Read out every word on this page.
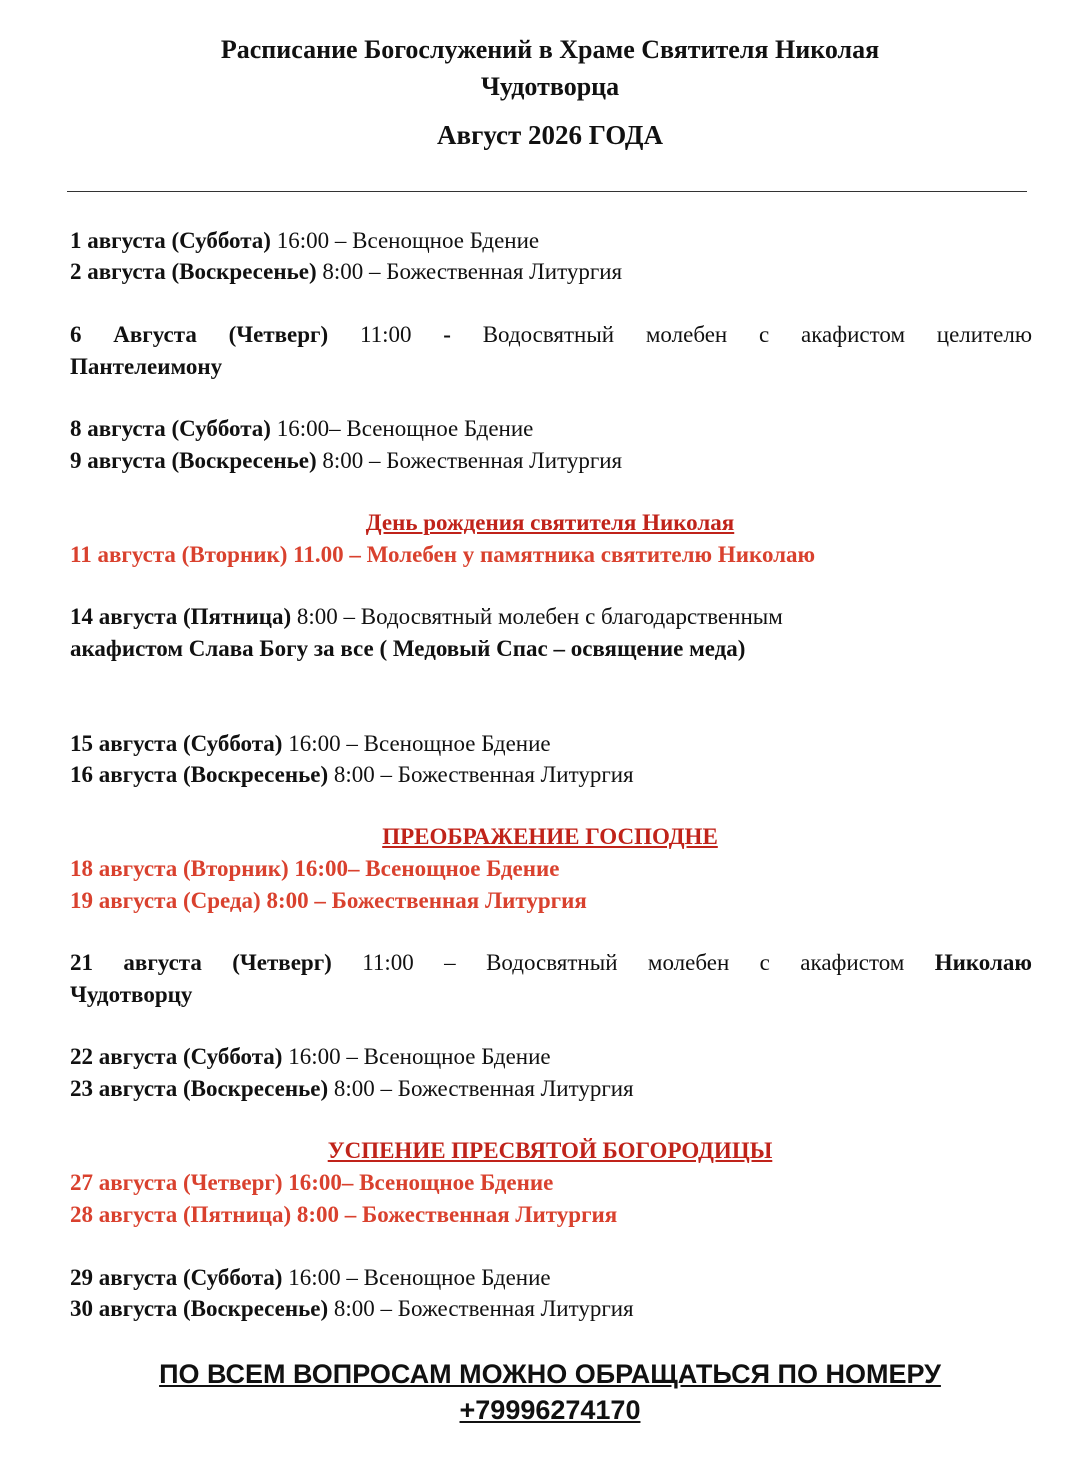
Расписание Богослужений в Храме Святителя Николая
Чудотворца
Август 2026 ГОДА
1 августа (Суббота) 16:00 – Всенощное Бдение
2 августа (Воскресенье) 8:00 – Божественная Литургия
6 Августа (Четверг) 11:00 - Водосвятный молебен с акафистом целителю
Пантелеимону
8 августа (Суббота) 16:00– Всенощное Бдение
9 августа (Воскресенье) 8:00 – Божественная Литургия
День рождения святителя Николая
11 августа (Вторник) 11.00 – Молебен у памятника святителю Николаю
14 августа (Пятница) 8:00 – Водосвятный молебен с благодарственным
акафистом Слава Богу за все ( Медовый Спас – освящение меда)
15 августа (Суббота) 16:00 – Всенощное Бдение
16 августа (Воскресенье) 8:00 – Божественная Литургия
ПРЕОБРАЖЕНИЕ ГОСПОДНЕ
18 августа (Вторник) 16:00– Всенощное Бдение
19 августа (Среда) 8:00 – Божественная Литургия
21 августа (Четверг) 11:00 – Водосвятный молебен с акафистом Николаю
Чудотворцу
22 августа (Суббота) 16:00 – Всенощное Бдение
23 августа (Воскресенье) 8:00 – Божественная Литургия
УСПЕНИЕ ПРЕСВЯТОЙ БОГОРОДИЦЫ
27 августа (Четверг) 16:00– Всенощное Бдение
28 августа (Пятница) 8:00 – Божественная Литургия
29 августа (Суббота) 16:00 – Всенощное Бдение
30 августа (Воскресенье) 8:00 – Божественная Литургия
ПО ВСЕМ ВОПРОСАМ МОЖНО ОБРАЩАТЬСЯ ПО НОМЕРУ
+79996274170
